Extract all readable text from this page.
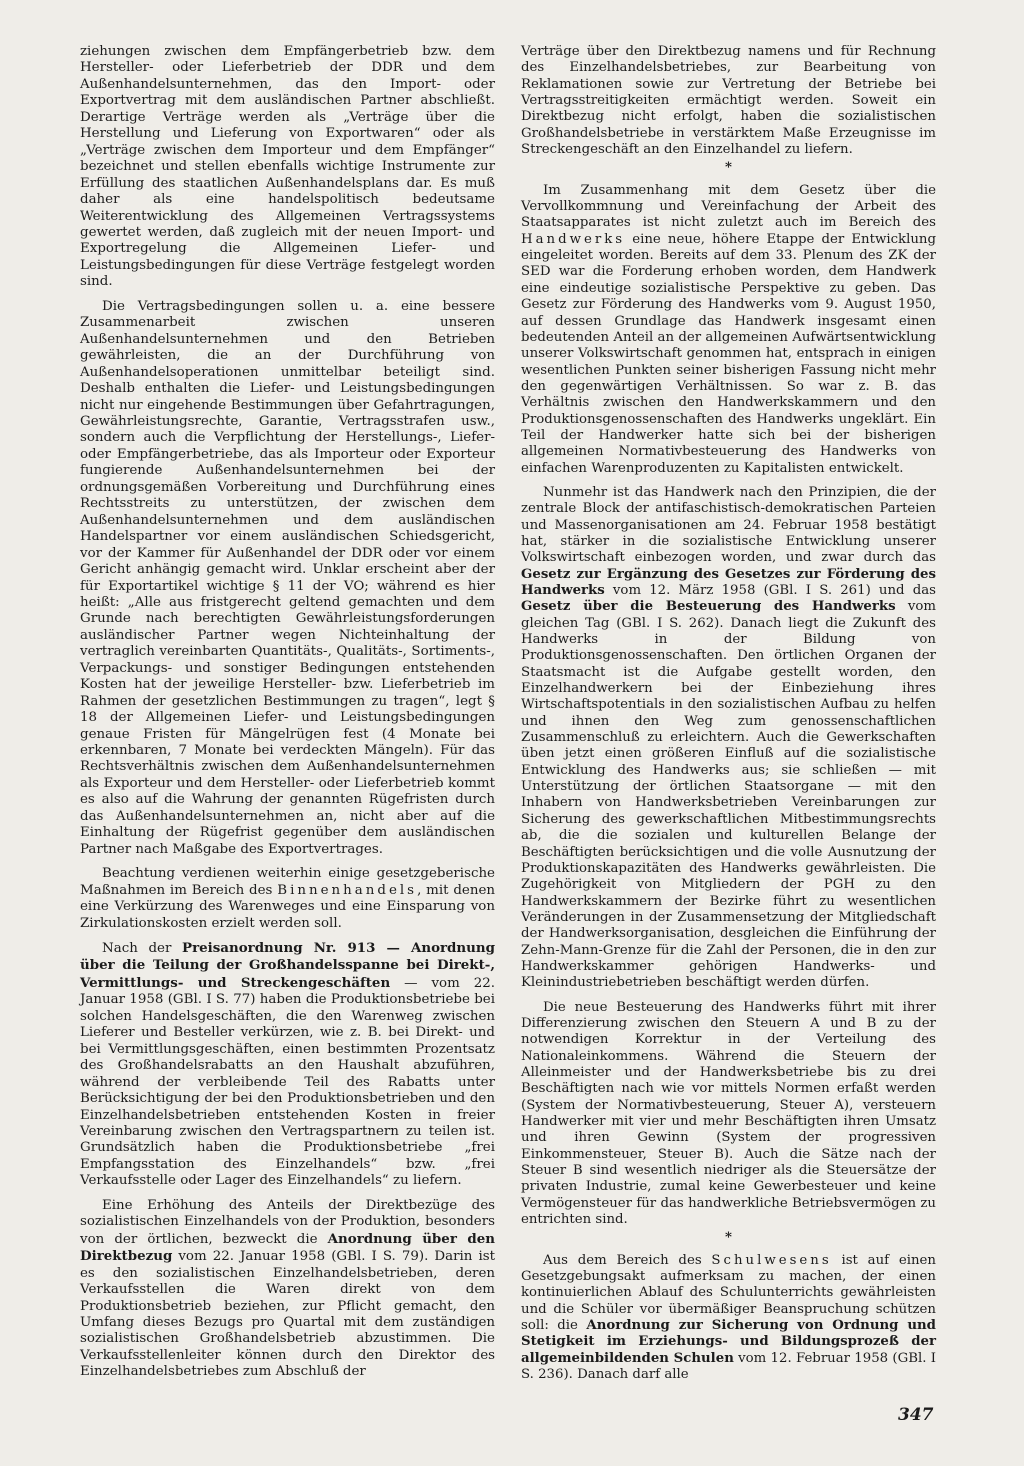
ziehungen zwischen dem Empfängerbetrieb bzw. dem Hersteller- oder Lieferbetrieb der DDR und dem Außenhandelsunternehmen, das den Import- oder Exportvertrag mit dem ausländischen Partner abschließt. Derartige Verträge werden als „Verträge über die Herstellung und Lieferung von Exportwaren“ oder als „Verträge zwischen dem Importeur und dem Empfänger“ bezeichnet und stellen ebenfalls wichtige Instrumente zur Erfüllung des staatlichen Außenhandelsplans dar. Es muß daher als eine handelspolitisch bedeutsame Weiterentwicklung des Allgemeinen Vertragssystems gewertet werden, daß zugleich mit der neuen Import- und Exportregelung die Allgemeinen Liefer- und Leistungsbedingungen für diese Verträge festgelegt worden sind.

Die Vertragsbedingungen sollen u. a. eine bessere Zusammenarbeit zwischen unseren Außenhandelsunternehmen und den Betrieben gewährleisten, die an der Durchführung von Außenhandelsoperationen unmittelbar beteiligt sind. Deshalb enthalten die Liefer- und Leistungsbedingungen nicht nur eingehende Bestimmungen über Gefahrtragungen, Gewährleistungsrechte, Garantie, Vertragsstrafen usw., sondern auch die Verpflichtung der Herstellungs-, Liefer- oder Empfängerbetriebe, das als Importeur oder Exporteur fungierende Außenhandelsunternehmen bei der ordnungsgemäßen Vorbereitung und Durchführung eines Rechtsstreits zu unterstützen, der zwischen dem Außenhandelsunternehmen und dem ausländischen Handelspartner vor einem ausländischen Schiedsgericht, vor der Kammer für Außenhandel der DDR oder vor einem Gericht anhängig gemacht wird. Unklar erscheint aber der für Exportartikel wichtige § 11 der VO; während es hier heißt: „Alle aus fristgerecht geltend gemachten und dem Grunde nach berechtigten Gewährleistungsforderungen ausländischer Partner wegen Nichteinhaltung der vertraglich vereinbarten Quantitäts-, Qualitäts-, Sortiments-, Verpackungs- und sonstiger Bedingungen entstehenden Kosten hat der jeweilige Hersteller- bzw. Lieferbetrieb im Rahmen der gesetzlichen Bestimmungen zu tragen“, legt § 18 der Allgemeinen Liefer- und Leistungsbedingungen genaue Fristen für Mängelrügen fest (4 Monate bei erkennbaren, 7 Monate bei verdeckten Mängeln). Für das Rechtsverhältnis zwischen dem Außenhandelsunternehmen als Exporteur und dem Hersteller- oder Lieferbetrieb kommt es also auf die Wahrung der genannten Rügefristen durch das Außenhandelsunternehmen an, nicht aber auf die Einhaltung der Rügefrist gegenüber dem ausländischen Partner nach Maßgabe des Exportvertrages.

Beachtung verdienen weiterhin einige gesetzgeberische Maßnahmen im Bereich des Binnenhandels, mit denen eine Verkürzung des Warenweges und eine Einsparung von Zirkulationskosten erzielt werden soll.

Nach der Preisanordnung Nr. 913 — Anordnung über die Teilung der Großhandelsspanne bei Direkt-, Vermittlungs- und Streckengeschäften — vom 22. Januar 1958 (GBl. I S. 77) haben die Produktionsbetriebe bei solchen Handelsgeschäften, die den Warenweg zwischen Lieferer und Besteller verkürzen, wie z. B. bei Direkt- und bei Vermittlungsgeschäften, einen bestimmten Prozentsatz des Großhandelsrabatts an den Haushalt abzuführen, während der verbleibende Teil des Rabatts unter Berücksichtigung der bei den Produktionsbetrieben und den Einzelhandelsbetrieben entstehenden Kosten in freier Vereinbarung zwischen den Vertragspartnern zu teilen ist. Grundsätzlich haben die Produktionsbetriebe „frei Empfangsstation des Einzelhandels“ bzw. „frei Verkaufsstelle oder Lager des Einzelhandels“ zu liefern.

Eine Erhöhung des Anteils der Direktbezüge des sozialistischen Einzelhandels von der Produktion, besonders von der örtlichen, bezweckt die Anordnung über den Direktbezug vom 22. Januar 1958 (GBl. I S. 79). Darin ist es den sozialistischen Einzelhandelsbetrieben, deren Verkaufsstellen die Waren direkt von dem Produktionsbetrieb beziehen, zur Pflicht gemacht, den Umfang dieses Bezugs pro Quartal mit dem zuständigen sozialistischen Großhandelsbetrieb abzustimmen. Die Verkaufsstellenleiter können durch den Direktor des Einzelhandelsbetriebes zum Abschluß der

Verträge über den Direktbezug namens und für Rechnung des Einzelhandelsbetriebes, zur Bearbeitung von Reklamationen sowie zur Vertretung der Betriebe bei Vertragsstreitigkeiten ermächtigt werden. Soweit ein Direktbezug nicht erfolgt, haben die sozialistischen Großhandelsbetriebe in verstärktem Maße Erzeugnisse im Streckengeschäft an den Einzelhandel zu liefern.

*

Im Zusammenhang mit dem Gesetz über die Vervollkommnung und Vereinfachung der Arbeit des Staatsapparates ist nicht zuletzt auch im Bereich des Handwerks eine neue, höhere Etappe der Entwicklung eingeleitet worden. Bereits auf dem 33. Plenum des ZK der SED war die Forderung erhoben worden, dem Handwerk eine eindeutige sozialistische Perspektive zu geben. Das Gesetz zur Förderung des Handwerks vom 9. August 1950, auf dessen Grundlage das Handwerk insgesamt einen bedeutenden Anteil an der allgemeinen Aufwärtsentwicklung unserer Volkswirtschaft genommen hat, entsprach in einigen wesentlichen Punkten seiner bisherigen Fassung nicht mehr den gegenwärtigen Verhältnissen. So war z. B. das Verhältnis zwischen den Handwerkskammern und den Produktionsgenossenschaften des Handwerks ungeklärt. Ein Teil der Handwerker hatte sich bei der bisherigen allgemeinen Normativbesteuerung des Handwerks von einfachen Warenproduzenten zu Kapitalisten entwickelt.

Nunmehr ist das Handwerk nach den Prinzipien, die der zentrale Block der antifaschistisch-demokratischen Parteien und Massenorganisationen am 24. Februar 1958 bestätigt hat, stärker in die sozialistische Entwicklung unserer Volkswirtschaft einbezogen worden, und zwar durch das Gesetz zur Ergänzung des Gesetzes zur Förderung des Handwerks vom 12. März 1958 (GBl. I S. 261) und das Gesetz über die Besteuerung des Handwerks vom gleichen Tag (GBl. I S. 262). Danach liegt die Zukunft des Handwerks in der Bildung von Produktionsgenossenschaften. Den örtlichen Organen der Staatsmacht ist die Aufgabe gestellt worden, den Einzelhandwerkern bei der Einbeziehung ihres Wirtschaftspotentials in den sozialistischen Aufbau zu helfen und ihnen den Weg zum genossenschaftlichen Zusammenschluß zu erleichtern. Auch die Gewerkschaften üben jetzt einen größeren Einfluß auf die sozialistische Entwicklung des Handwerks aus; sie schließen — mit Unterstützung der örtlichen Staatsorgane — mit den Inhabern von Handwerksbetrieben Vereinbarungen zur Sicherung des gewerkschaftlichen Mitbestimmungsrechts ab, die die sozialen und kulturellen Belange der Beschäftigten berücksichtigen und die volle Ausnutzung der Produktionskapazitäten des Handwerks gewährleisten. Die Zugehörigkeit von Mitgliedern der PGH zu den Handwerkskammern der Bezirke führt zu wesentlichen Veränderungen in der Zusammensetzung der Mitgliedschaft der Handwerksorganisation, desgleichen die Einführung der Zehn-Mann-Grenze für die Zahl der Personen, die in den zur Handwerkskammer gehörigen Handwerks- und Kleinindustriebetrieben beschäftigt werden dürfen.

Die neue Besteuerung des Handwerks führt mit ihrer Differenzierung zwischen den Steuern A und B zu der notwendigen Korrektur in der Verteilung des Nationaleinkommens. Während die Steuern der Alleinmeister und der Handwerksbetriebe bis zu drei Beschäftigten nach wie vor mittels Normen erfaßt werden (System der Normativbesteuerung, Steuer A), versteuern Handwerker mit vier und mehr Beschäftigten ihren Umsatz und ihren Gewinn (System der progressiven Einkommensteuer, Steuer B). Auch die Sätze nach der Steuer B sind wesentlich niedriger als die Steuersätze der privaten Industrie, zumal keine Gewerbesteuer und keine Vermögensteuer für das handwerkliche Betriebsvermögen zu entrichten sind.

*

Aus dem Bereich des Schulwesens ist auf einen Gesetzgebungsakt aufmerksam zu machen, der einen kontinuierlichen Ablauf des Schulunterrichts gewährleisten und die Schüler vor übermäßiger Beanspruchung schützen soll: die Anordnung zur Sicherung von Ordnung und Stetigkeit im Erziehungs- und Bildungsprozeß der allgemeinbildenden Schulen vom 12. Februar 1958 (GBl. I S. 236). Danach darf alle

347
